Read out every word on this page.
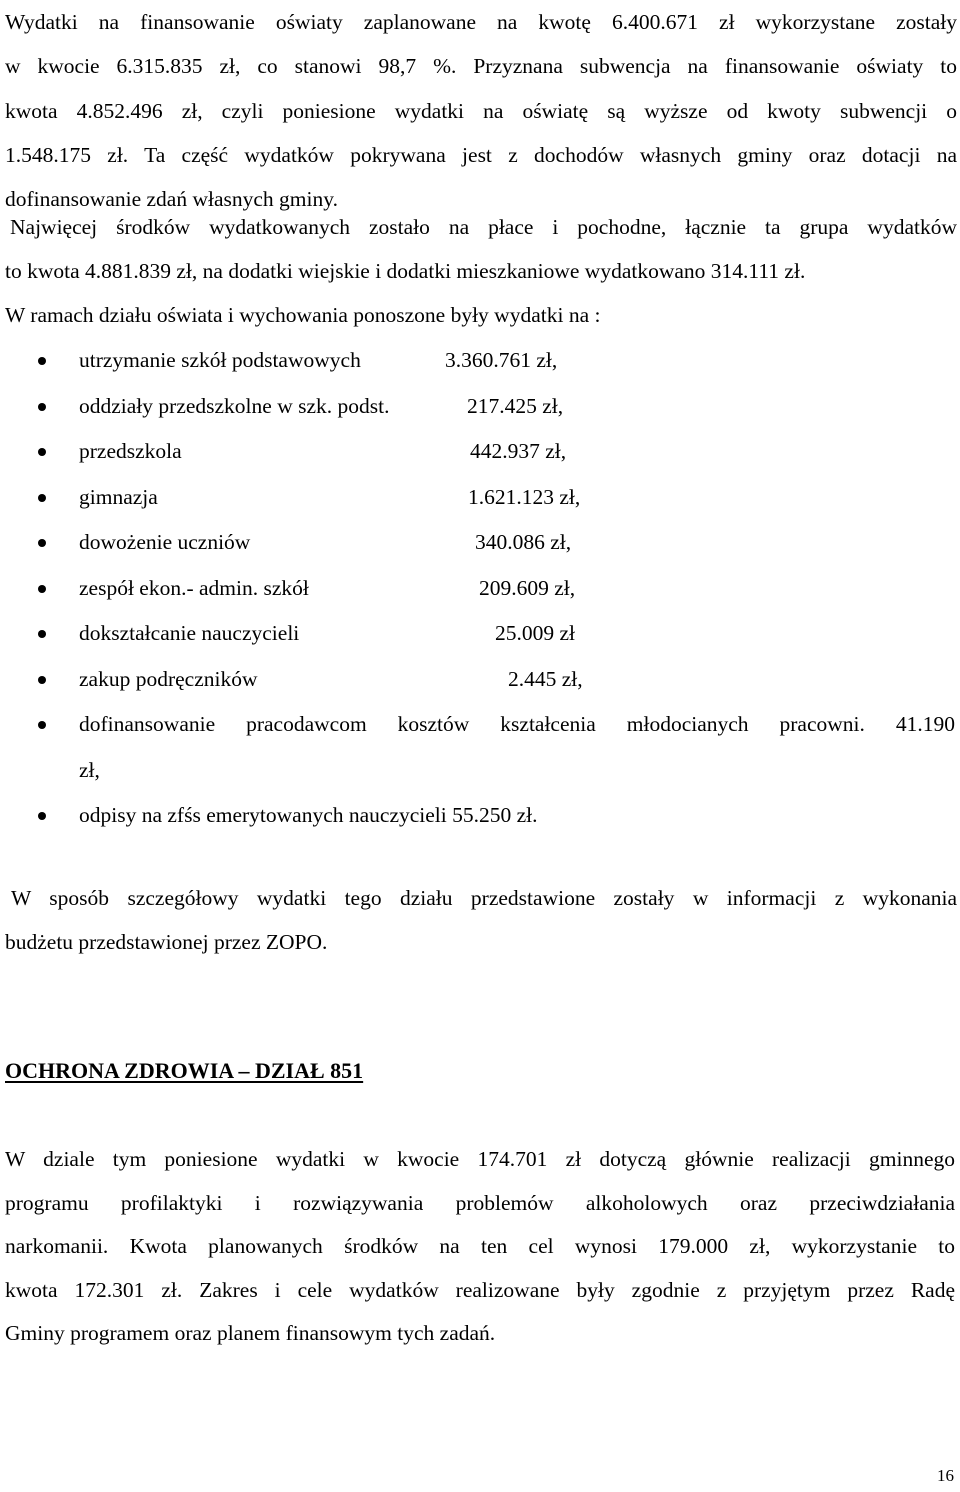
Wydatki na finansowanie oświaty zaplanowane na kwotę 6.400.671 zł wykorzystane zostały
w kwocie 6.315.835 zł, co stanowi 98,7 %. Przyznana subwencja na finansowanie oświaty to
kwota 4.852.496 zł, czyli poniesione wydatki na oświatę są wyższe od kwoty subwencji o
1.548.175 zł. Ta część wydatków pokrywana jest z dochodów własnych gminy oraz dotacji na
dofinansowanie zdań własnych gminy.
Najwięcej środków wydatkowanych zostało na płace i pochodne, łącznie ta grupa wydatków
to kwota 4.881.839 zł, na dodatki wiejskie i dodatki mieszkaniowe wydatkowano 314.111 zł.
W ramach działu oświata i wychowania ponoszone były wydatki na :
utrzymanie szkół podstawowych	3.360.761 zł,
oddziały przedszkolne w szk. podst.	217.425 zł,
przedszkola	442.937 zł,
gimnazja	1.621.123 zł,
dowożenie uczniów	340.086 zł,
zespół ekon.- admin. szkół	209.609 zł,
dokształcanie nauczycieli	25.009 zł
zakup podręczników	2.445 zł,
dofinansowanie pracodawcom kosztów kształcenia młodocianych pracowni. 41.190
zł,
odpisy na zfśs emerytowanych nauczycieli 55.250 zł.
W sposób szczegółowy wydatki tego działu przedstawione zostały w informacji z wykonania
budżetu przedstawionej przez ZOPO.
OCHRONA ZDROWIA – DZIAŁ 851
W dziale tym poniesione wydatki w kwocie 174.701 zł dotyczą głównie realizacji gminnego
programu profilaktyki i rozwiązywania problemów alkoholowych oraz przeciwdziałania
narkomanii. Kwota planowanych środków na ten cel wynosi 179.000 zł, wykorzystanie to
kwota 172.301 zł. Zakres i cele wydatków realizowane były zgodnie z przyjętym przez Radę
Gminy programem oraz planem finansowym tych zadań.
16
